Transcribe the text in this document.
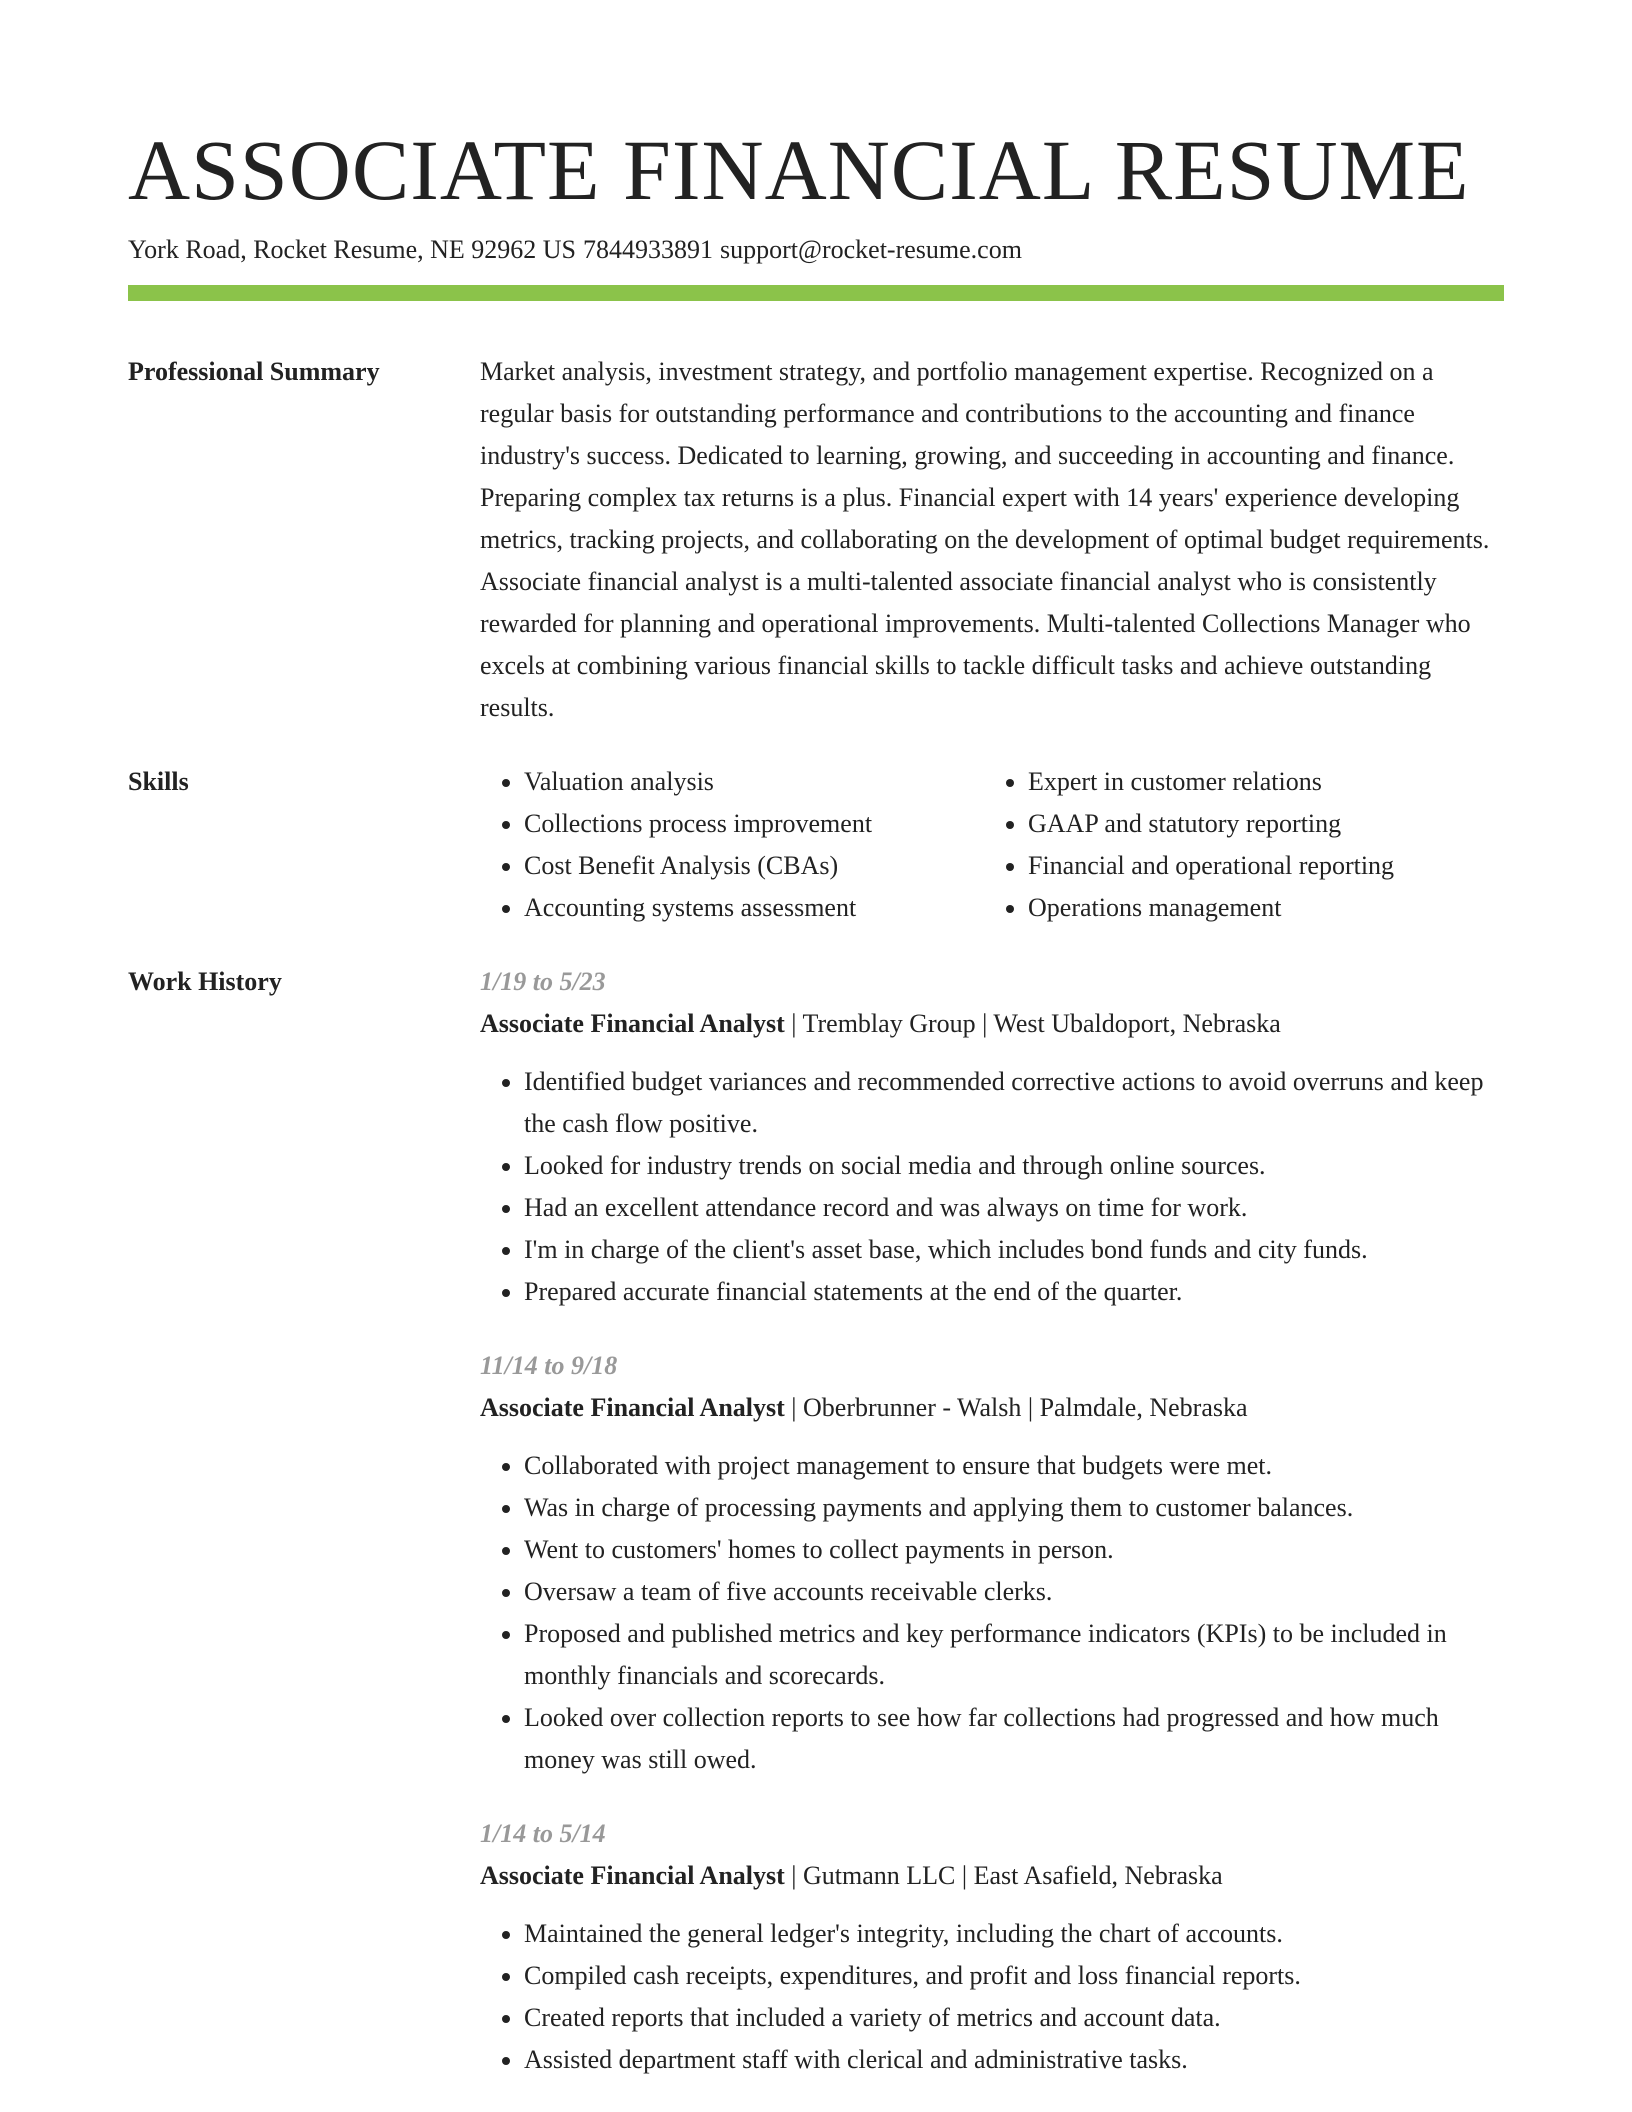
ASSOCIATE FINANCIAL RESUME
York Road, Rocket Resume, NE 92962 US 7844933891 support@rocket-resume.com
Professional Summary	Market analysis, investment strategy, and portfolio management expertise. Recognized on a regular basis for outstanding performance and contributions to the accounting and finance industry's success. Dedicated to learning, growing, and succeeding in accounting and finance. Preparing complex tax returns is a plus. Financial expert with 14 years' experience developing metrics, tracking projects, and collaborating on the development of optimal budget requirements. Associate financial analyst is a multi-talented associate financial analyst who is consistently rewarded for planning and operational improvements. Multi-talented Collections Manager who excels at combining various financial skills to tackle difficult tasks and achieve outstanding results.

Skills
•	Valuation analysis
• Collections process improvement
• Cost Benefit Analysis (CBAs)
• Accounting systems assessment
• Expert in customer relations
• GAAP and statutory reporting
• Financial and operational reporting
• Operations management
Work History	1/19 to 5/23
Associate Financial Analyst | Tremblay Group | West Ubaldoport, Nebraska
• Identified budget variances and recommended corrective actions to avoid overruns and keep the cash flow positive.
• Looked for industry trends on social media and through online sources.
• Had an excellent attendance record and was always on time for work.
• I'm in charge of the client's asset base, which includes bond funds and city funds.
• Prepared accurate financial statements at the end of the quarter.
11/14 to 9/18
Associate Financial Analyst | Oberbrunner - Walsh | Palmdale, Nebraska
• Collaborated with project management to ensure that budgets were met.
• Was in charge of processing payments and applying them to customer balances.
• Went to customers' homes to collect payments in person.
• Oversaw a team of five accounts receivable clerks.
• Proposed and published metrics and key performance indicators (KPIs) to be included in monthly financials and scorecards.
• Looked over collection reports to see how far collections had progressed and how much money was still owed.
1/14 to 5/14
Associate Financial Analyst | Gutmann LLC | East Asafield, Nebraska
• Maintained the general ledger's integrity, including the chart of accounts.
• Compiled cash receipts, expenditures, and profit and loss financial reports.
• Created reports that included a variety of metrics and account data.
• Assisted department staff with clerical and administrative tasks.
